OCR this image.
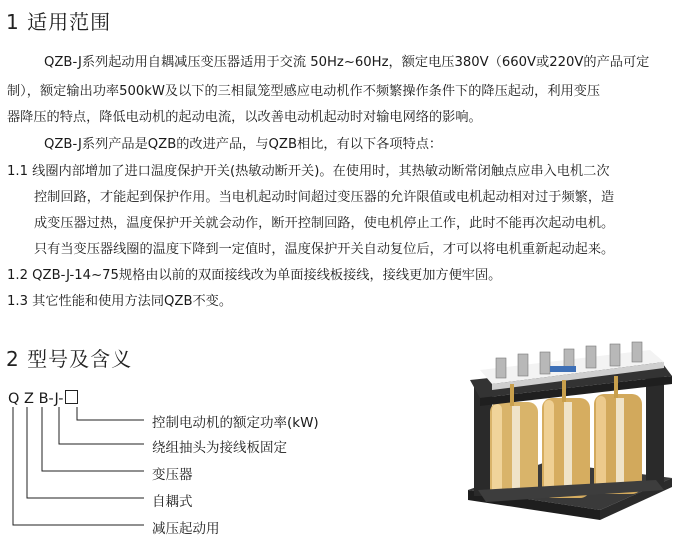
1 适用范围
QZB-J系列起动用自耦减压变压器适用于交流 50Hz~60Hz，额定电压380V（660V或220V的产品可定
制），额定输出功率500kW及以下的三相鼠笼型感应电动机作不频繁操作条件下的降压起动，利用变压
器降压的特点，降低电动机的起动电流，以改善电动机起动时对输电网络的影响。
QZB-J系列产品是QZB的改进产品，与QZB相比，有以下各项特点：
1.1 线圈内部增加了进口温度保护开关(热敏动断开关)。在使用时，其热敏动断常闭触点应串入电机二次
控制回路，才能起到保护作用。当电机起动时间超过变压器的允许限值或电机起动相对过于频繁，造
成变压器过热，温度保护开关就会动作，断开控制回路，使电机停止工作，此时不能再次起动电机。
只有当变压器线圈的温度下降到一定值时，温度保护开关自动复位后，才可以将电机重新起动起来。
1.2 QZB-J-14~75规格由以前的双面接线改为单面接线板接线，接线更加方便牢固。
1.3 其它性能和使用方法同QZB不变。
2 型号及含义
Q Z B-J-
控制电动机的额定功率(kW)
绕组抽头为接线板固定
变压器
自耦式
减压起动用
